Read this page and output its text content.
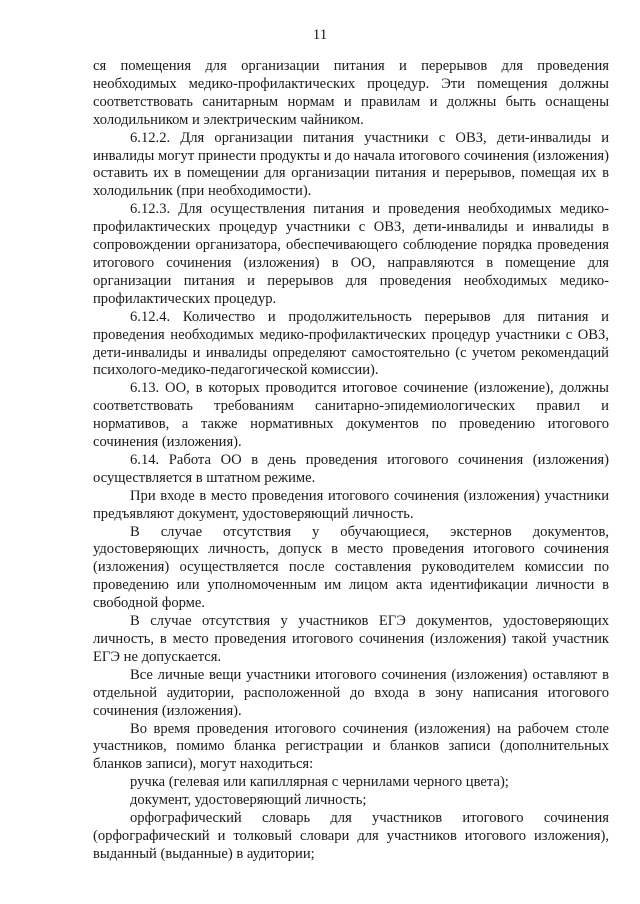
11

ся помещения для организации питания и перерывов для проведения необходимых медико-профилактических процедур. Эти помещения должны соответствовать санитарным нормам и правилам и должны быть оснащены холодильником и электрическим чайником.

6.12.2. Для организации питания участники с ОВЗ, дети-инвалиды и инвалиды могут принести продукты и до начала итогового сочинения (изложения) оставить их в помещении для организации питания и перерывов, помещая их в холодильник (при необходимости).

6.12.3. Для осуществления питания и проведения необходимых медико-профилактических процедур участники с ОВЗ, дети-инвалиды и инвалиды в сопровождении организатора, обеспечивающего соблюдение порядка проведения итогового сочинения (изложения) в ОО, направляются в помещение для организации питания и перерывов для проведения необходимых медико-профилактических процедур.

6.12.4. Количество и продолжительность перерывов для питания и проведения необходимых медико-профилактических процедур участники с ОВЗ, дети-инвалиды и инвалиды определяют самостоятельно (с учетом рекомендаций психолого-медико-педагогической комиссии).

6.13. ОО, в которых проводится итоговое сочинение (изложение), должны соответствовать требованиям санитарно-эпидемиологических правил и нормативов, а также нормативных документов по проведению итогового сочинения (изложения).

6.14. Работа ОО в день проведения итогового сочинения (изложения) осуществляется в штатном режиме.

При входе в место проведения итогового сочинения (изложения) участники предъявляют документ, удостоверяющий личность.

В случае отсутствия у обучающиеся, экстернов документов, удостоверяющих личность, допуск в место проведения итогового сочинения (изложения) осуществляется после составления руководителем комиссии по проведению или уполномоченным им лицом акта идентификации личности в свободной форме.

В случае отсутствия у участников ЕГЭ документов, удостоверяющих личность, в место проведения итогового сочинения (изложения) такой участник ЕГЭ не допускается.

Все личные вещи участники итогового сочинения (изложения) оставляют в отдельной аудитории, расположенной до входа в зону написания итогового сочинения (изложения).

Во время проведения итогового сочинения (изложения) на рабочем столе участников, помимо бланка регистрации и бланков записи (дополнительных бланков записи), могут находиться:

ручка (гелевая или капиллярная с чернилами черного цвета);

документ, удостоверяющий личность;

орфографический словарь для участников итогового сочинения (орфографический и толковый словари для участников итогового изложения), выданный (выданные) в аудитории;
